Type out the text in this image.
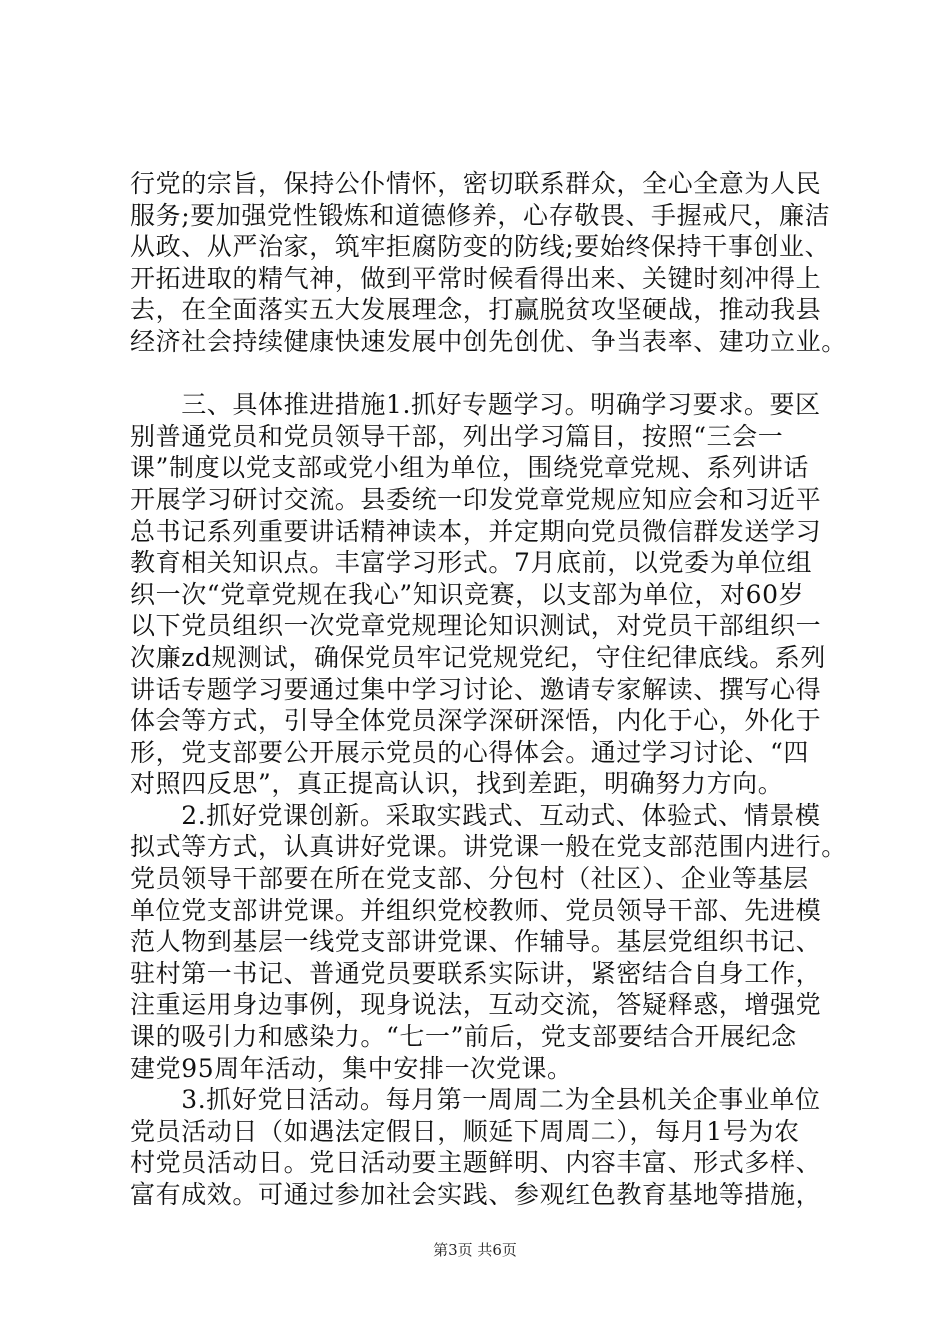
行党的宗旨，保持公仆情怀，密切联系群众，全心全意为人民
服务;要加强党性锻炼和道德修养，心存敬畏、手握戒尺，廉洁
从政、从严治家，筑牢拒腐防变的防线;要始终保持干事创业、
开拓进取的精气神，做到平常时候看得出来、关键时刻冲得上
去，在全面落实五大发展理念，打赢脱贫攻坚硬战，推动我县
经济社会持续健康快速发展中创先创优、争当表率、建功立业。
　　三、具体推进措施1.抓好专题学习。明确学习要求。要区
别普通党员和党员领导干部，列出学习篇目，按照“三会一
课”制度以党支部或党小组为单位，围绕党章党规、系列讲话
开展学习研讨交流。县委统一印发党章党规应知应会和习近平
总书记系列重要讲话精神读本，并定期向党员微信群发送学习
教育相关知识点。丰富学习形式。7月底前，以党委为单位组
织一次“党章党规在我心”知识竞赛，以支部为单位，对60岁
以下党员组织一次党章党规理论知识测试，对党员干部组织一
次廉zd规测试，确保党员牢记党规党纪，守住纪律底线。系列
讲话专题学习要通过集中学习讨论、邀请专家解读、撰写心得
体会等方式，引导全体党员深学深研深悟，内化于心，外化于
形，党支部要公开展示党员的心得体会。通过学习讨论、“四
对照四反思”，真正提高认识，找到差距，明确努力方向。
　　2.抓好党课创新。采取实践式、互动式、体验式、情景模
拟式等方式，认真讲好党课。讲党课一般在党支部范围内进行。
党员领导干部要在所在党支部、分包村（社区）、企业等基层
单位党支部讲党课。并组织党校教师、党员领导干部、先进模
范人物到基层一线党支部讲党课、作辅导。基层党组织书记、
驻村第一书记、普通党员要联系实际讲，紧密结合自身工作，
注重运用身边事例，现身说法，互动交流，答疑释惑，增强党
课的吸引力和感染力。“七一”前后，党支部要结合开展纪念
建党95周年活动，集中安排一次党课。
　　3.抓好党日活动。每月第一周周二为全县机关企事业单位
党员活动日（如遇法定假日，顺延下周周二），每月1号为农
村党员活动日。党日活动要主题鲜明、内容丰富、形式多样、
富有成效。可通过参加社会实践、参观红色教育基地等措施，
第3页 共6页
